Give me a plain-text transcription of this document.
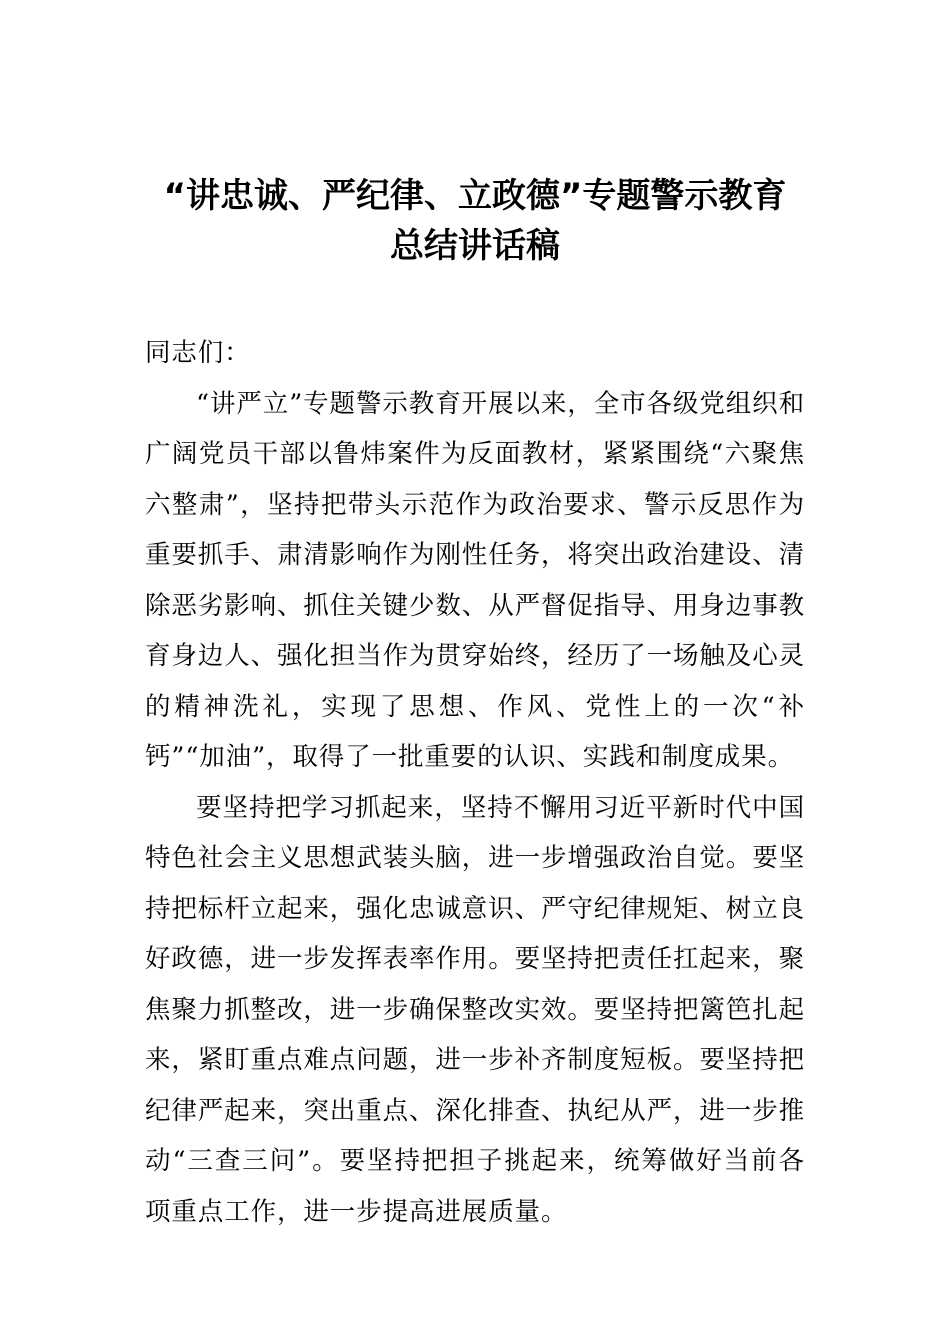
“讲忠诚、严纪律、立政德”专题警示教育
总结讲话稿

同志们：

“讲严立”专题警示教育开展以来，全市各级党组织和广阔党员干部以鲁炜案件为反面教材，紧紧围绕“六聚焦六整肃”，坚持把带头示范作为政治要求、警示反思作为重要抓手、肃清影响作为刚性任务，将突出政治建设、清除恶劣影响、抓住关键少数、从严督促指导、用身边事教育身边人、强化担当作为贯穿始终，经历了一场触及心灵的精神洗礼，实现了思想、作风、党性上的一次“补钙”“加油”，取得了一批重要的认识、实践和制度成果。

要坚持把学习抓起来，坚持不懈用习近平新时代中国特色社会主义思想武装头脑，进一步增强政治自觉。要坚持把标杆立起来，强化忠诚意识、严守纪律规矩、树立良好政德，进一步发挥表率作用。要坚持把责任扛起来，聚焦聚力抓整改，进一步确保整改实效。要坚持把篱笆扎起来，紧盯重点难点问题，进一步补齐制度短板。要坚持把纪律严起来，突出重点、深化排查、执纪从严，进一步推动“三查三问”。要坚持把担子挑起来，统筹做好当前各项重点工作，进一步提高进展质量。
